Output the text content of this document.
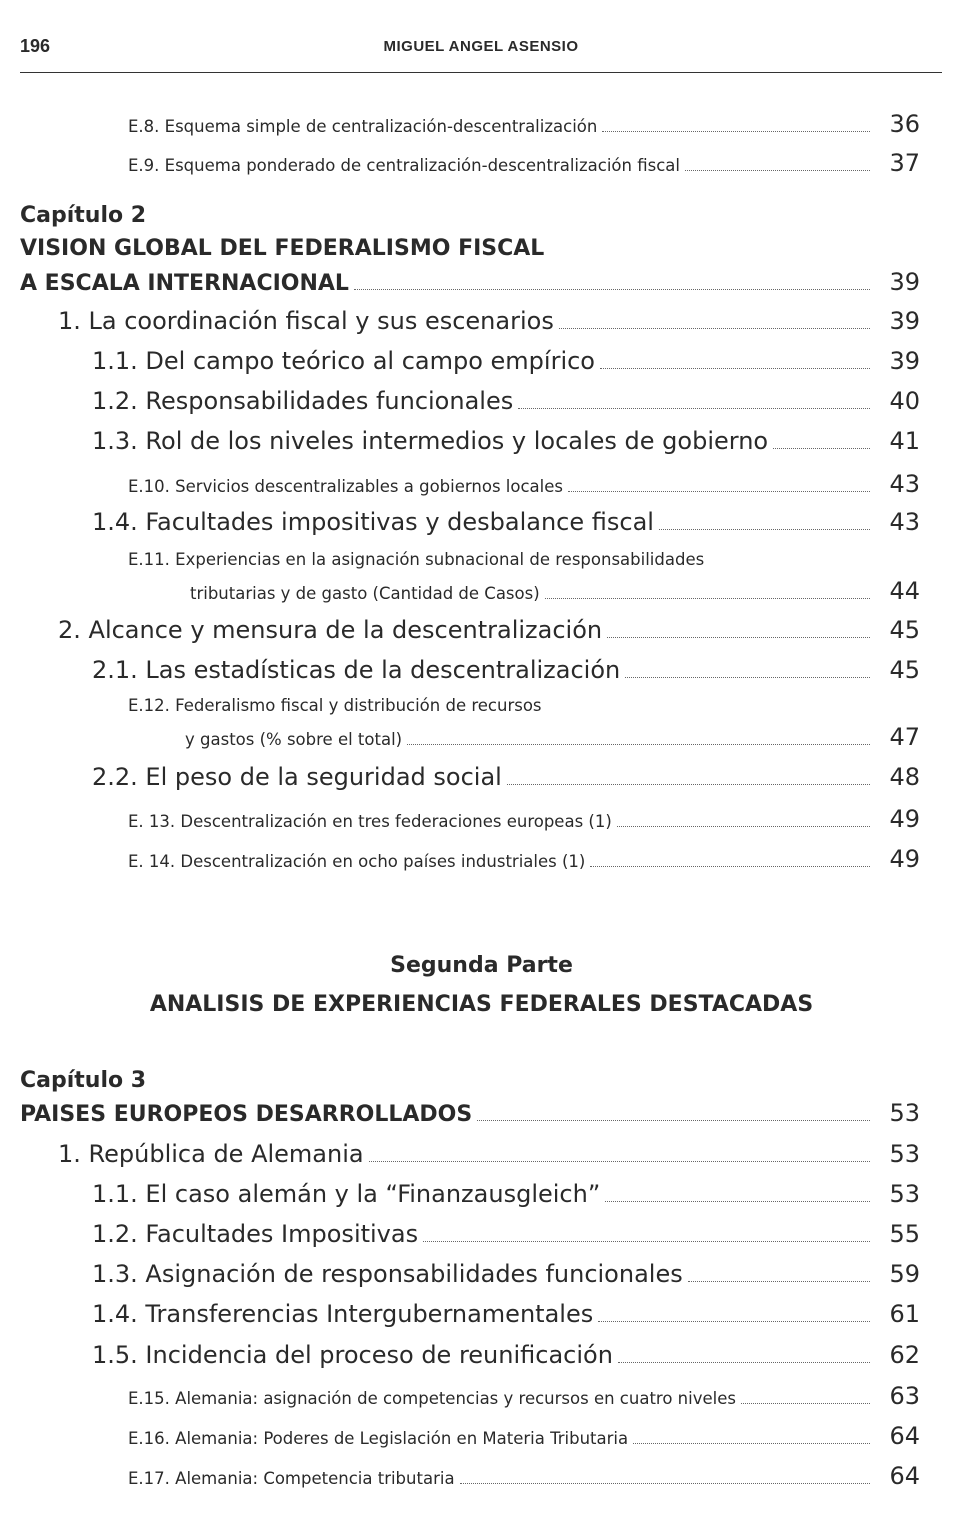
196	MIGUEL ANGEL ASENSIO
E.8. Esquema simple de centralización-descentralización	36
E.9. Esquema ponderado de centralización-descentralización fiscal	37
Capítulo 2
VISION GLOBAL DEL FEDERALISMO FISCAL
A ESCALA INTERNACIONAL	39
1. La coordinación fiscal y sus escenarios	39
1.1. Del campo teórico al campo empírico	39
1.2. Responsabilidades funcionales	40
1.3. Rol de los niveles intermedios y locales de gobierno	41
E.10. Servicios descentralizables a gobiernos locales	43
1.4. Facultades impositivas y desbalance fiscal	43
E.11. Experiencias en la asignación subnacional de responsabilidades
tributarias y de gasto (Cantidad de Casos)	44
2. Alcance y mensura de la descentralización	45
2.1. Las estadísticas de la descentralización	45
E.12. Federalismo fiscal y distribución de recursos
y gastos (% sobre el total)	47
2.2. El peso de la seguridad social	48
E. 13. Descentralización en tres federaciones europeas (1)	49
E. 14. Descentralización en ocho países industriales (1)	49
Segunda Parte
ANALISIS DE EXPERIENCIAS FEDERALES DESTACADAS
Capítulo 3
PAISES EUROPEOS DESARROLLADOS	53
1. República de Alemania	53
1.1. El caso alemán y la “Finanzausgleich”	53
1.2. Facultades Impositivas	55
1.3. Asignación de responsabilidades funcionales	59
1.4. Transferencias Intergubernamentales	61
1.5. Incidencia del proceso de reunificación	62
E.15. Alemania: asignación de competencias y recursos en cuatro niveles	63
E.16. Alemania: Poderes de Legislación en Materia Tributaria	64
E.17. Alemania: Competencia tributaria	64
